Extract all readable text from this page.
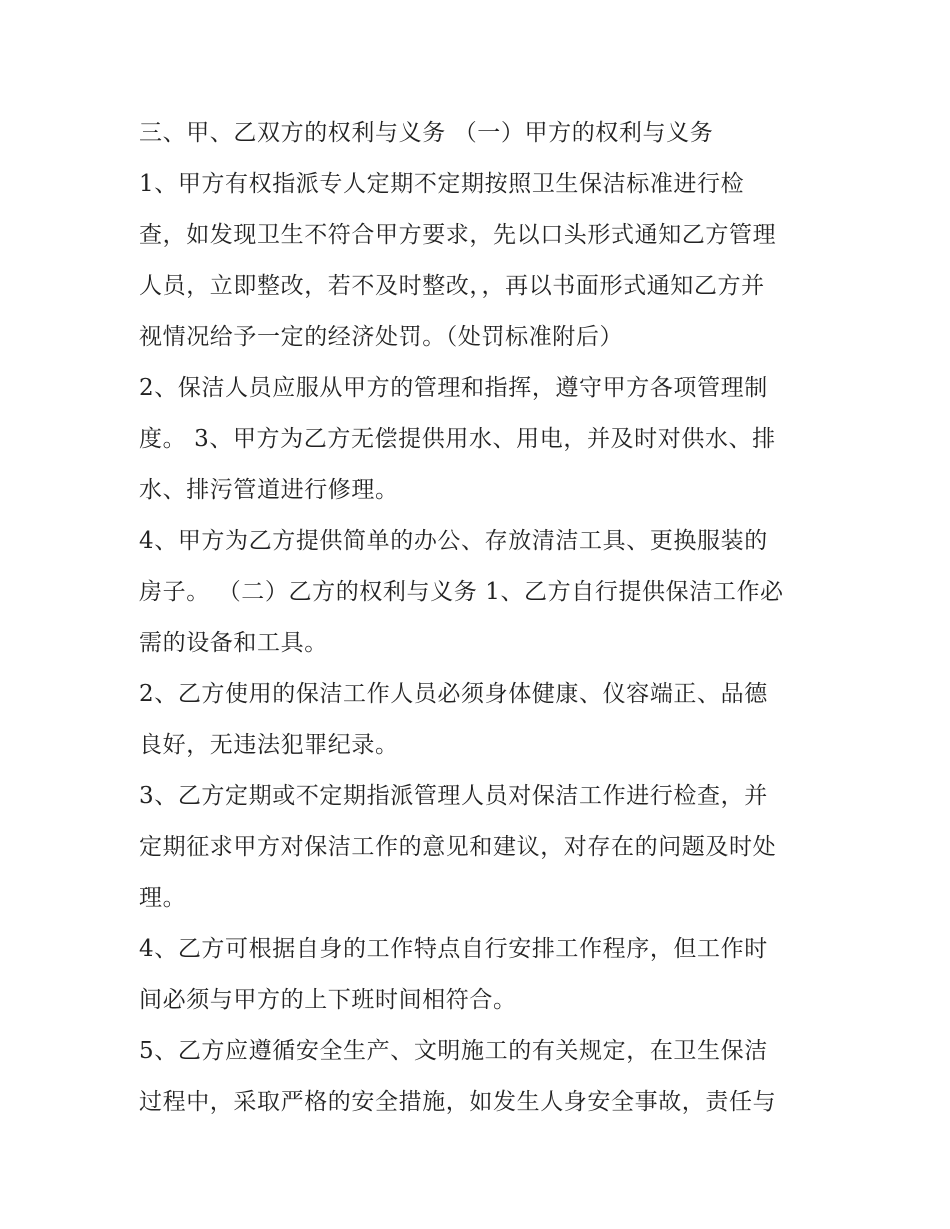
三、甲、乙双方的权利与义务 （一）甲方的权利与义务
1、甲方有权指派专人定期不定期按照卫生保洁标准进行检
查，如发现卫生不符合甲方要求，先以口头形式通知乙方管理
人员，立即整改，若不及时整改，，再以书面形式通知乙方并
视情况给予一定的经济处罚。（处罚标准附后）
2、保洁人员应服从甲方的管理和指挥，遵守甲方各项管理制
度。 3、甲方为乙方无偿提供用水、用电，并及时对供水、排
水、排污管道进行修理。
4、甲方为乙方提供简单的办公、存放清洁工具、更换服装的
房子。 （二）乙方的权利与义务 1、乙方自行提供保洁工作必
需的设备和工具。
2、乙方使用的保洁工作人员必须身体健康、仪容端正、品德
良好，无违法犯罪纪录。
3、乙方定期或不定期指派管理人员对保洁工作进行检查，并
定期征求甲方对保洁工作的意见和建议，对存在的问题及时处
理。
4、乙方可根据自身的工作特点自行安排工作程序，但工作时
间必须与甲方的上下班时间相符合。
5、乙方应遵循安全生产、文明施工的有关规定，在卫生保洁
过程中，采取严格的安全措施，如发生人身安全事故，责任与
